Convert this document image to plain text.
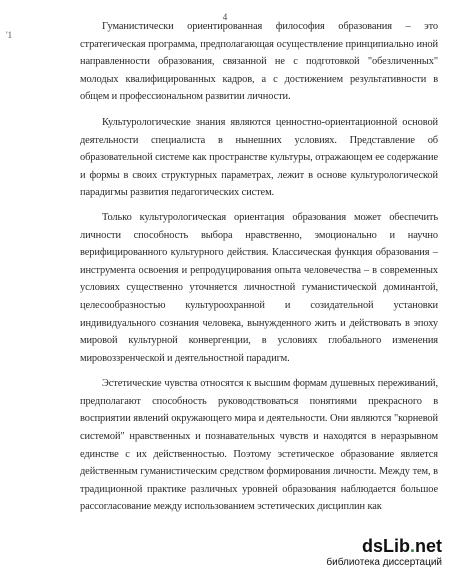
4
'1

Гуманистически ориентированная философия образования – это стратегическая программа, предполагающая осуществление принципиально иной направленности образования, связанной не с подготовкой "обезличенных" молодых квалифицированных кадров, а с достижением результативности в общем и профессиональном развитии личности.

Культурологические знания являются ценностно-ориентационной основой деятельности специалиста в нынешних условиях. Представление об образовательной системе как пространстве культуры, отражающем ее содержание и формы в своих структурных параметрах, лежит в основе культурологической парадигмы развития педагогических систем.

Только культурологическая ориентация образования может обеспечить личности способность выбора нравственно, эмоционально и научно верифицированного культурного действия. Классическая функция образования – инструмента освоения и репродуцирования опыта человечества – в современных условиях существенно уточняется личностной гуманистической доминантой, целесообразностью культуроохранной и созидательной установки индивидуального сознания человека, вынужденного жить и действовать в эпоху мировой культурной конвергенции, в условиях глобального изменения мировоззренческой и деятельностной парадигм.

Эстетические чувства относятся к высшим формам душевных переживаний, предполагают способность руководствоваться понятиями прекрасного в восприятии явлений окружающего мира и деятельности. Они являются "корневой системой" нравственных и познавательных чувств и находятся в неразрывном единстве с их действенностью. Поэтому эстетическое образование является действенным гуманистическим средством формирования личности. Между тем, в традиционной практике различных уровней образования наблюдается большое рассогласование между использованием эстетических дисциплин как

dsLib.net
библиотека диссертаций
